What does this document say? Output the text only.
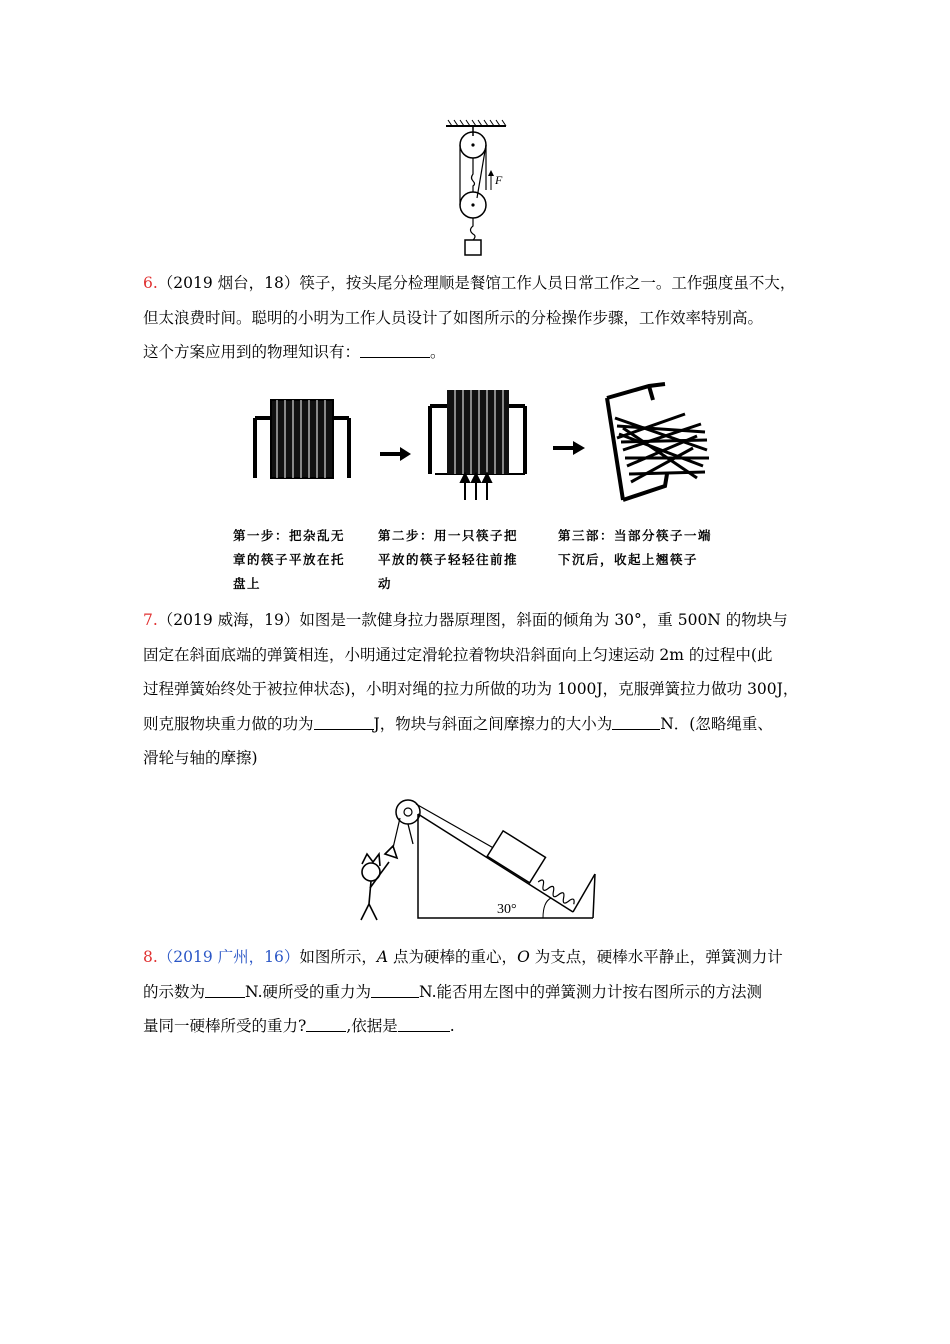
F

6.（2019 烟台，18）筷子，按头尾分检理顺是餐馆工作人员日常工作之一。工作强度虽不大，
但太浪费时间。聪明的小明为工作人员设计了如图所示的分检操作步骤，工作效率特别高。
这个方案应用到的物理知识有：	。

第一步：把杂乱无

章的筷子平放在托

盘上

第二步：用一只筷子把

平放的筷子轻轻往前推

动

第三部：当部分筷子一端

下沉后，收起上翘筷子

7.（2019 威海，19）如图是一款健身拉力器原理图，斜面的倾角为 30°，重 500N 的物块与
固定在斜面底端的弹簧相连，小明通过定滑轮拉着物块沿斜面向上匀速运动 2m 的过程中(此
过程弹簧始终处于被拉伸状态)，小明对绳的拉力所做的功为 1000J，克服弹簧拉力做功 300J，
则克服物块重力做的功为	J，物块与斜面之间摩擦力的大小为	N．(忽略绳重、
滑轮与轴的摩擦)

30°

8.（2019 广州，16）如图所示，A 点为硬棒的重心，O 为支点，硬棒水平静止，弹簧测力计
的示数为	N.硬所受的重力为	N.能否用左图中的弹簧测力计按右图所示的方法测
量同一硬棒所受的重力?	,依据是	.
